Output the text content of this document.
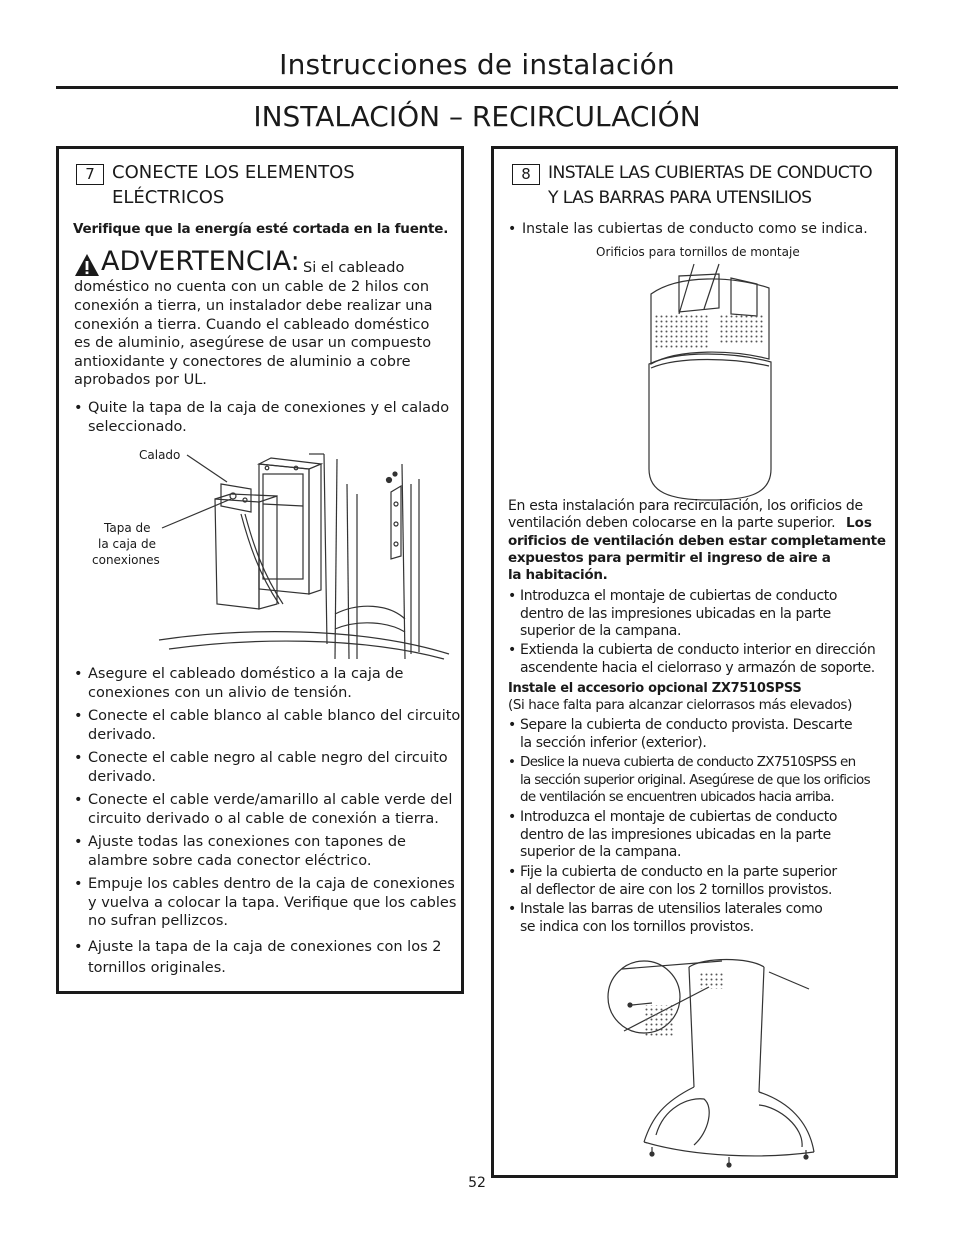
Instrucciones de instalación
INSTALACIÓN – RECIRCULACIÓN
7 CONECTE LOS ELEMENTOS
ELÉCTRICOS
Verifique que la energía esté cortada en la fuente.
ADVERTENCIA: Si el cableado
doméstico no cuenta con un cable de 2 hilos con
conexión a tierra, un instalador debe realizar una
conexión a tierra. Cuando el cableado doméstico
es de aluminio, asegúrese de usar un compuesto
antioxidante y conectores de aluminio a cobre
aprobados por UL.
• Quite la tapa de la caja de conexiones y el calado
seleccionado.
Calado
Tapa de
la caja de
conexiones
• Asegure el cableado doméstico a la caja de
conexiones con un alivio de tensión.
• Conecte el cable blanco al cable blanco del circuito
derivado.
• Conecte el cable negro al cable negro del circuito
derivado.
• Conecte el cable verde/amarillo al cable verde del
circuito derivado o al cable de conexión a tierra.
• Ajuste todas las conexiones con tapones de
alambre sobre cada conector eléctrico.
• Empuje los cables dentro de la caja de conexiones
y vuelva a colocar la tapa. Verifique que los cables
no sufran pellizcos.
• Ajuste la tapa de la caja de conexiones con los 2
tornillos originales.
8	INSTALE LAS CUBIERTAS DE CONDUCTO
Y LAS BARRAS PARA UTENSILIOS
• Instale las cubiertas de conducto como se indica.
Orificios para tornillos de montaje
En esta instalación para recirculación, los orificios de
ventilación deben colocarse en la parte superior. Los
orificios de ventilación deben estar completamente
expuestos para permitir el ingreso de aire a
la habitación.
• Introduzca el montaje de cubiertas de conducto
dentro de las impresiones ubicadas en la parte
superior de la campana.
• Extienda la cubierta de conducto interior en dirección
ascendente hacia el cielorraso y armazón de soporte.
Instale el accesorio opcional ZX7510SPSS
(Si hace falta para alcanzar cielorrasos más elevados)
• Separe la cubierta de conducto provista. Descarte
la sección inferior (exterior).
• Deslice la nueva cubierta de conducto ZX7510SPSS en
la sección superior original. Asegúrese de que los orificios
de ventilación se encuentren ubicados hacia arriba.
• Introduzca el montaje de cubiertas de conducto
dentro de las impresiones ubicadas en la parte
superior de la campana.
• Fije la cubierta de conducto en la parte superior
al deflector de aire con los 2 tornillos provistos.
• Instale las barras de utensilios laterales como
se indica con los tornillos provistos.
52
